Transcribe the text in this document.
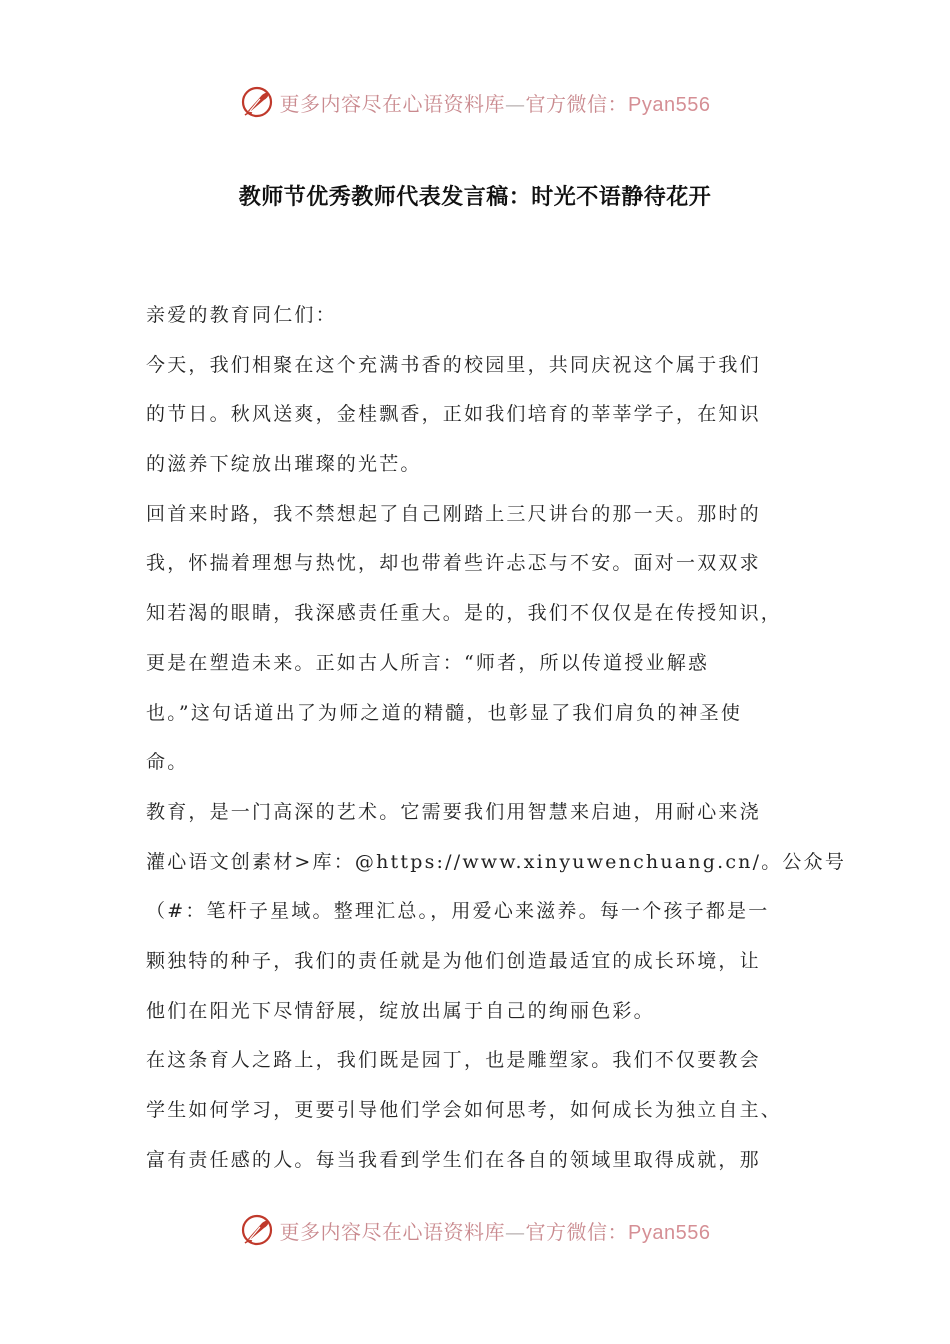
更多内容尽在心语资料库—官方微信：Pyan556
教师节优秀教师代表发言稿：时光不语静待花开
亲爱的教育同仁们：
今天，我们相聚在这个充满书香的校园里，共同庆祝这个属于我们
的节日。秋风送爽，金桂飘香，正如我们培育的莘莘学子，在知识
的滋养下绽放出璀璨的光芒。
回首来时路，我不禁想起了自己刚踏上三尺讲台的那一天。那时的
我，怀揣着理想与热忱，却也带着些许忐忑与不安。面对一双双求
知若渴的眼睛，我深感责任重大。是的，我们不仅仅是在传授知识，
更是在塑造未来。正如古人所言：“师者，所以传道授业解惑
也。”这句话道出了为师之道的精髓，也彰显了我们肩负的神圣使
命。
教育，是一门高深的艺术。它需要我们用智慧来启迪，用耐心来浇
灌心语文创素材>库：@https://www.xinyuwenchuang.cn/。公众号
（#：笔杆子星域。整理汇总。，用爱心来滋养。每一个孩子都是一
颗独特的种子，我们的责任就是为他们创造最适宜的成长环境，让
他们在阳光下尽情舒展，绽放出属于自己的绚丽色彩。
在这条育人之路上，我们既是园丁，也是雕塑家。我们不仅要教会
学生如何学习，更要引导他们学会如何思考，如何成长为独立自主、
富有责任感的人。每当我看到学生们在各自的领域里取得成就，那
更多内容尽在心语资料库—官方微信：Pyan556
